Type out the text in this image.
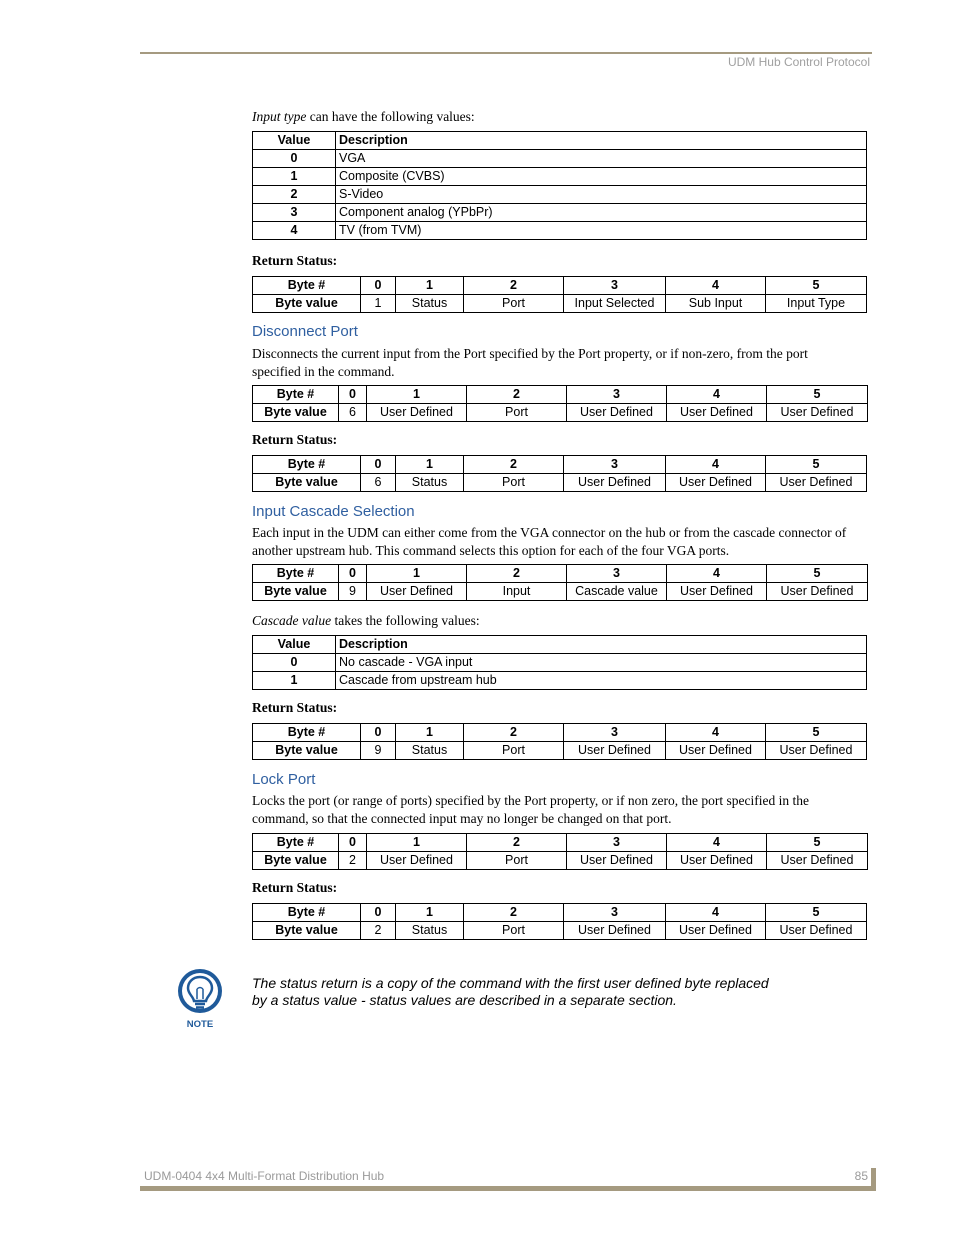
UDM Hub Control Protocol

Input type can have the following values:

Value	Description
0	VGA
1	Composite (CVBS)
2	S-Video
3	Component analog (YPbPr)
4	TV (from TVM)
Return Status:
Byte #	0	1	2	3	4	5
Byte value	1	Status	Port	Input Selected	Sub Input	Input Type
Disconnect Port

Disconnects the current input from the Port specified by the Port property, or if non-zero, from the port
specified in the command.

Byte #	0	1	2	3	4	5
Byte value	6	User Defined	Port	User Defined	User Defined	User Defined
Return Status:
Byte #	0	1	2	3	4	5
Byte value	6	Status	Port	User Defined	User Defined	User Defined
Input Cascade Selection

Each input in the UDM can either come from the VGA connector on the hub or from the cascade connector of
another upstream hub. This command selects this option for each of the four VGA ports.

Byte #	0	1	2	3	4	5
Byte value	9	User Defined	Input	Cascade value	User Defined	User Defined

Cascade value takes the following values:

Value	Description
0	No cascade - VGA input
1	Cascade from upstream hub
Return Status:
Byte #	0	1	2	3	4	5
Byte value	9	Status	Port	User Defined	User Defined	User Defined
Lock Port

Locks the port (or range of ports) specified by the Port property, or if non zero, the port specified in the
command, so that the connected input may no longer be changed on that port.

Byte #	0	1	2	3	4	5
Byte value	2	User Defined	Port	User Defined	User Defined	User Defined
Return Status:
Byte #	0	1	2	3	4	5
Byte value	2	Status	Port	User Defined	User Defined	User Defined
NOTE
The status return is a copy of the command with the first user defined byte replaced
by a status value - status values are described in a separate section.
UDM-0404 4x4 Multi-Format Distribution Hub	85
